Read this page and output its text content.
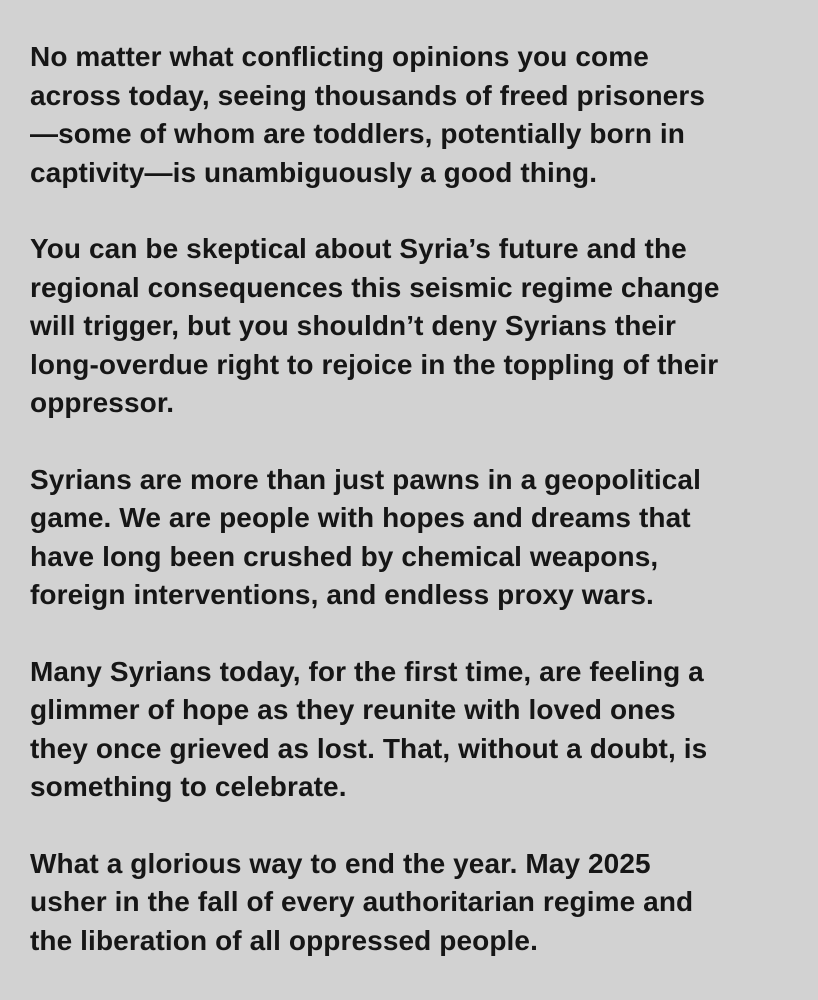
No matter what conflicting opinions you come
across today, seeing thousands of freed prisoners
—some of whom are toddlers, potentially born in
captivity—is unambiguously a good thing.

You can be skeptical about Syria’s future and the
regional consequences this seismic regime change
will trigger, but you shouldn’t deny Syrians their
long-overdue right to rejoice in the toppling of their
oppressor.

Syrians are more than just pawns in a geopolitical
game. We are people with hopes and dreams that
have long been crushed by chemical weapons,
foreign interventions, and endless proxy wars.

Many Syrians today, for the first time, are feeling a
glimmer of hope as they reunite with loved ones
they once grieved as lost. That, without a doubt, is
something to celebrate.

What a glorious way to end the year. May 2025
usher in the fall of every authoritarian regime and
the liberation of all oppressed people.
